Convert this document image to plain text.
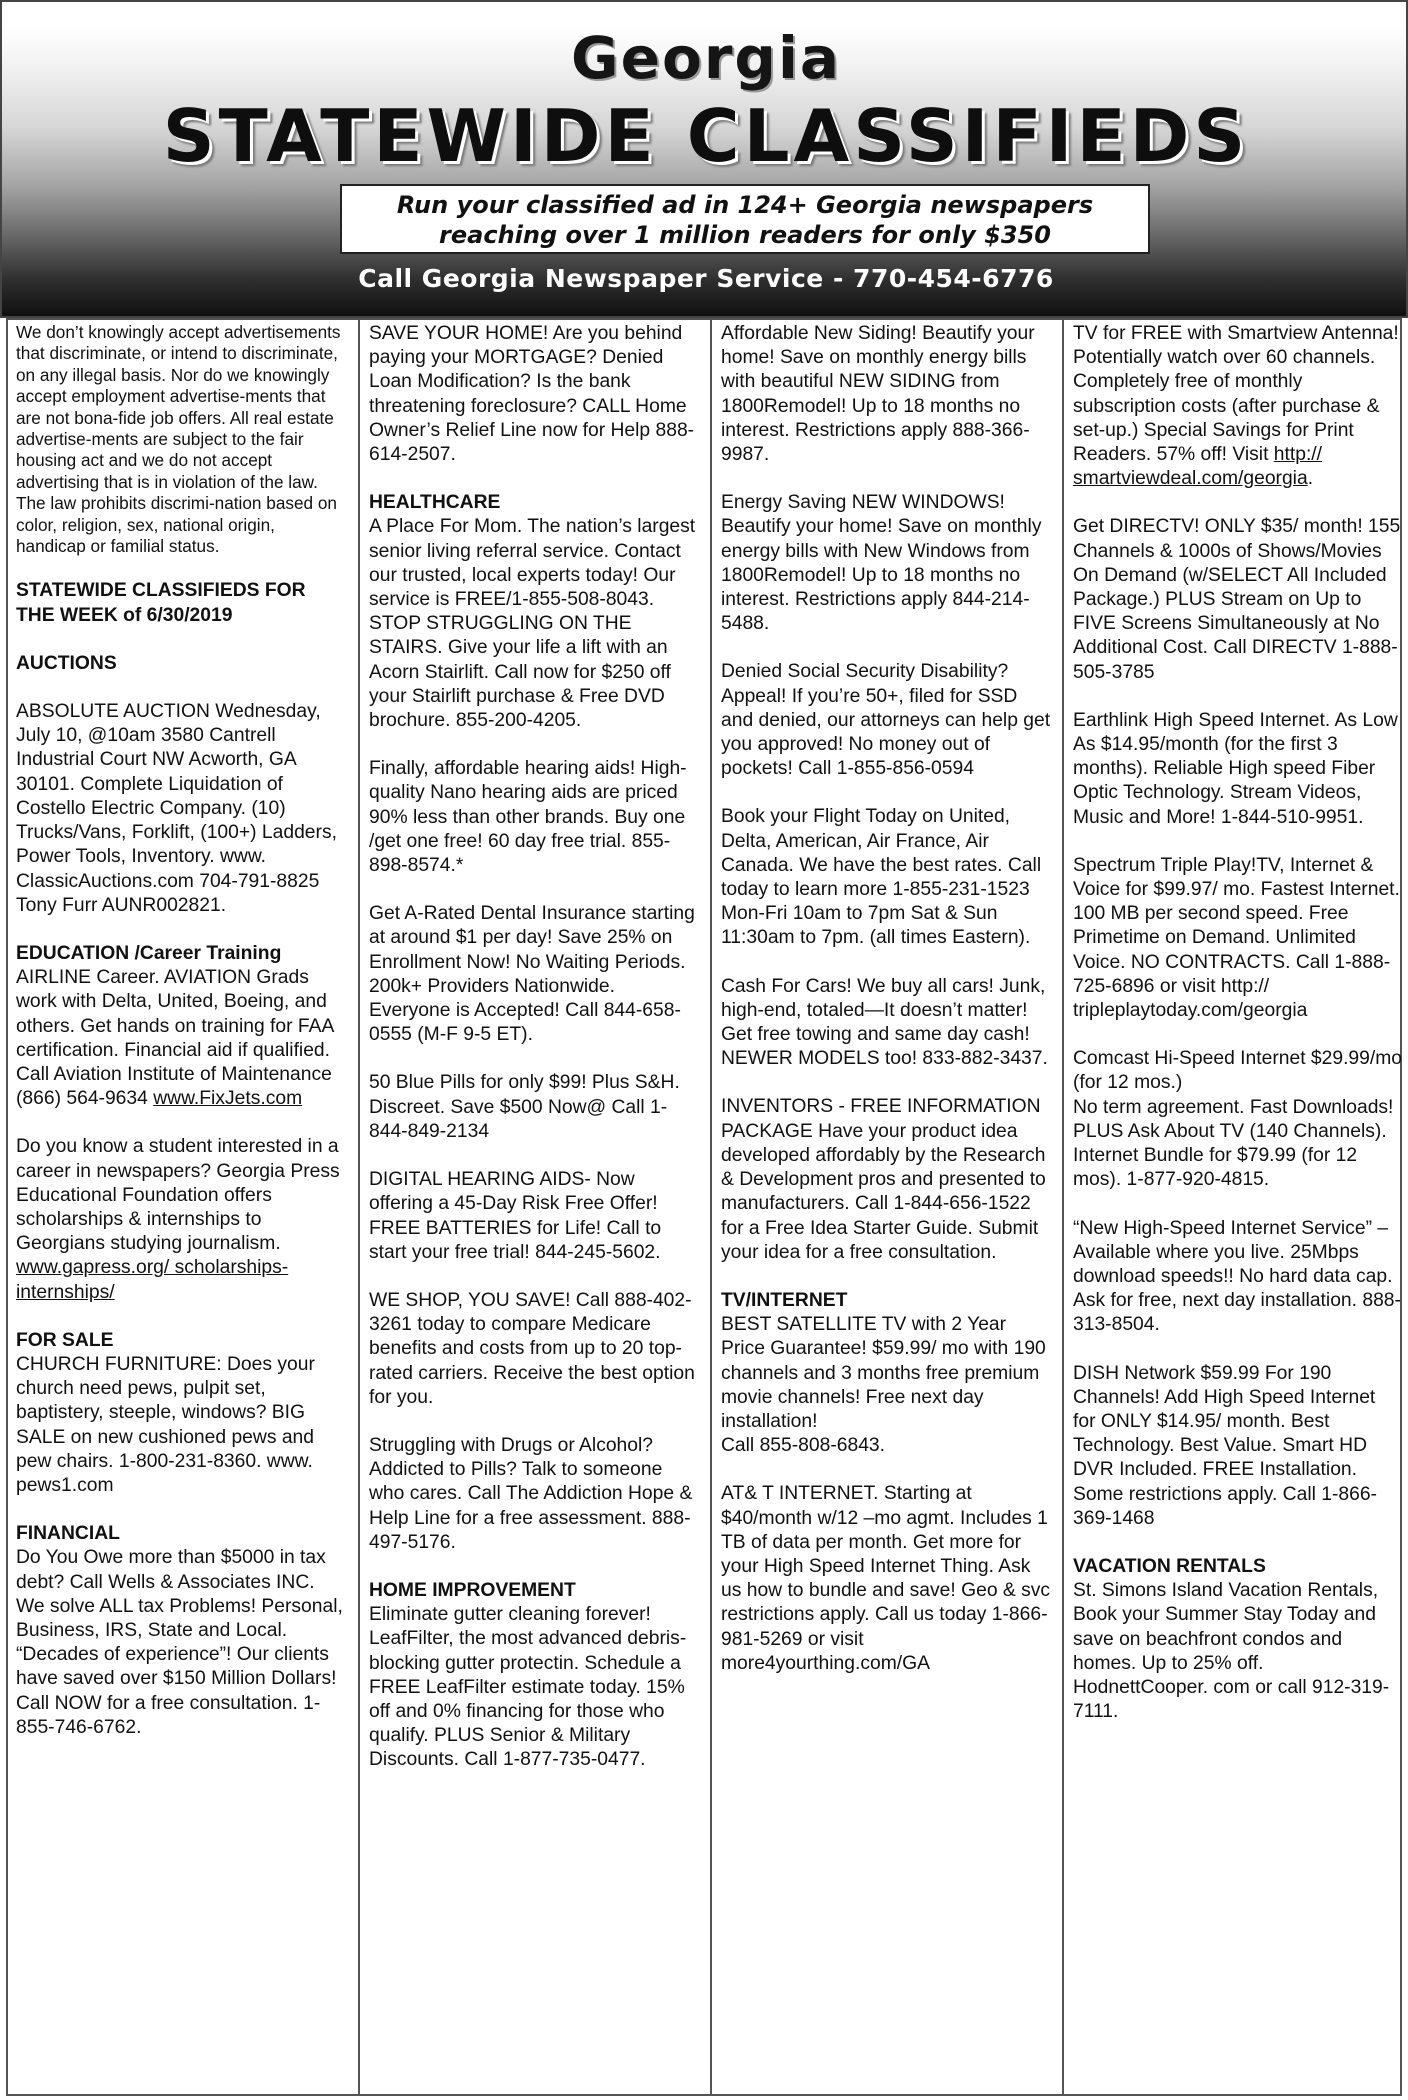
Georgia
STATEWIDE CLASSIFIEDS
Run your classified ad in 124+ Georgia newspapers
reaching over 1 million readers for only $350
Call Georgia Newspaper Service - 770-454-6776

We don’t knowingly accept advertisements that discriminate, or intend to discriminate, on any illegal basis. Nor do we knowingly accept employment advertise-ments that are not bona-fide job offers. All real estate advertise-ments are subject to the fair housing act and we do not accept advertising that is in violation of the law. The law prohibits discrimi-nation based on color, religion, sex, national origin, handicap or familial status.

STATEWIDE CLASSIFIEDS FOR THE WEEK of 6/30/2019

AUCTIONS

ABSOLUTE AUCTION Wednesday, July 10, @10am 3580 Cantrell Industrial Court NW Acworth, GA 30101. Complete Liquidation of Costello Electric Company. (10) Trucks/Vans, Forklift, (100+) Ladders, Power Tools, Inventory. www. ClassicAuctions.com 704-791-8825 Tony Furr AUNR002821.

EDUCATION /Career Training

AIRLINE Career. AVIATION Grads work with Delta, United, Boeing, and others. Get hands on training for FAA certification. Financial aid if qualified. Call Aviation Institute of Maintenance (866) 564-9634 www.FixJets.com

Do you know a student interested in a career in newspapers? Georgia Press Educational Foundation offers scholarships & internships to Georgians studying journalism. www.gapress.org/ scholarships-internships/

FOR SALE

CHURCH FURNITURE: Does your church need pews, pulpit set, baptistery, steeple, windows? BIG SALE on new cushioned pews and pew chairs. 1-800-231-8360. www. pews1.com

FINANCIAL

Do You Owe more than $5000 in tax debt? Call Wells & Associates INC. We solve ALL tax Problems! Personal, Business, IRS, State and Local. “Decades of experience”! Our clients have saved over $150 Million Dollars! Call NOW for a free consultation. 1-855-746-6762.

SAVE YOUR HOME! Are you behind paying your MORTGAGE? Denied Loan Modification? Is the bank threatening foreclosure? CALL Home Owner’s Relief Line now for Help 888-614-2507.

HEALTHCARE

A Place For Mom. The nation’s largest senior living referral service. Contact our trusted, local experts today! Our service is FREE/1-855-508-8043.

STOP STRUGGLING ON THE STAIRS. Give your life a lift with an Acorn Stairlift. Call now for $250 off your Stairlift purchase & Free DVD brochure. 855-200-4205.

Finally, affordable hearing aids! High-quality Nano hearing aids are priced 90% less than other brands. Buy one /get one free! 60 day free trial. 855-898-8574.*

Get A-Rated Dental Insurance starting at around $1 per day! Save 25% on Enrollment Now! No Waiting Periods. 200k+ Providers Nationwide. Everyone is Accepted! Call 844-658-0555 (M-F 9-5 ET).

50 Blue Pills for only $99! Plus S&H. Discreet. Save $500 Now@ Call 1-844-849-2134

DIGITAL HEARING AIDS- Now offering a 45-Day Risk Free Offer! FREE BATTERIES for Life! Call to start your free trial! 844-245-5602.

WE SHOP, YOU SAVE! Call 888-402-3261 today to compare Medicare benefits and costs from up to 20 top-rated carriers. Receive the best option for you.

Struggling with Drugs or Alcohol? Addicted to Pills? Talk to someone who cares. Call The Addiction Hope & Help Line for a free assessment. 888-497-5176.

HOME IMPROVEMENT

Eliminate gutter cleaning forever! LeafFilter, the most advanced debris-blocking gutter protectin. Schedule a FREE LeafFilter estimate today. 15% off and 0% financing for those who qualify. PLUS Senior & Military Discounts. Call 1-877-735-0477.

Affordable New Siding! Beautify your home! Save on monthly energy bills with beautiful NEW SIDING from 1800Remodel! Up to 18 months no interest. Restrictions apply 888-366-9987.

Energy Saving NEW WINDOWS! Beautify your home! Save on monthly energy bills with New Windows from 1800Remodel! Up to 18 months no interest. Restrictions apply 844-214-5488.

Denied Social Security Disability? Appeal! If you’re 50+, filed for SSD and denied, our attorneys can help get you approved! No money out of pockets! Call 1-855-856-0594

Book your Flight Today on United, Delta, American, Air France, Air Canada. We have the best rates. Call today to learn more 1-855-231-1523 Mon-Fri 10am to 7pm Sat & Sun 11:30am to 7pm. (all times Eastern).

Cash For Cars! We buy all cars! Junk, high-end, totaled—It doesn’t matter! Get free towing and same day cash! NEWER MODELS too! 833-882-3437.

INVENTORS - FREE INFORMATION PACKAGE Have your product idea developed affordably by the Research & Development pros and presented to manufacturers. Call 1-844-656-1522 for a Free Idea Starter Guide. Submit your idea for a free consultation.

TV/INTERNET

BEST SATELLITE TV with 2 Year Price Guarantee! $59.99/ mo with 190 channels and 3 months free premium movie channels! Free next day installation!
Call 855-808-6843.

AT& T INTERNET. Starting at $40/month w/12 –mo agmt. Includes 1 TB of data per month. Get more for your High Speed Internet Thing. Ask us how to bundle and save! Geo & svc restrictions apply. Call us today 1-866-981-5269 or visit more4yourthing.com/GA

TV for FREE with Smartview Antenna! Potentially watch over 60 channels. Completely free of monthly subscription costs (after purchase & set-up.) Special Savings for Print Readers. 57% off! Visit http:// smartviewdeal.com/georgia.

Get DIRECTV! ONLY $35/ month! 155 Channels & 1000s of Shows/Movies On Demand (w/SELECT All Included Package.) PLUS Stream on Up to FIVE Screens Simultaneously at No Additional Cost. Call DIRECTV 1-888-505-3785

Earthlink High Speed Internet. As Low As $14.95/month (for the first 3 months). Reliable High speed Fiber Optic Technology. Stream Videos, Music and More! 1-844-510-9951.

Spectrum Triple Play!TV, Internet & Voice for $99.97/ mo. Fastest Internet. 100 MB per second speed. Free Primetime on Demand. Unlimited Voice. NO CONTRACTS. Call 1-888-725-6896 or visit http:// tripleplaytoday.com/georgia

Comcast Hi-Speed Internet $29.99/mo (for 12 mos.)
No term agreement. Fast Downloads! PLUS Ask About TV (140 Channels). Internet Bundle for $79.99 (for 12 mos). 1-877-920-4815.

“New High-Speed Internet Service” –Available where you live. 25Mbps download speeds!! No hard data cap. Ask for free, next day installation. 888-313-8504.

DISH Network $59.99 For 190 Channels! Add High Speed Internet for ONLY $14.95/ month. Best Technology. Best Value. Smart HD DVR Included. FREE Installation. Some restrictions apply. Call 1-866-369-1468

VACATION RENTALS

St. Simons Island Vacation Rentals, Book your Summer Stay Today and save on beachfront condos and homes. Up to 25% off. HodnettCooper. com or call 912-319-7111.
